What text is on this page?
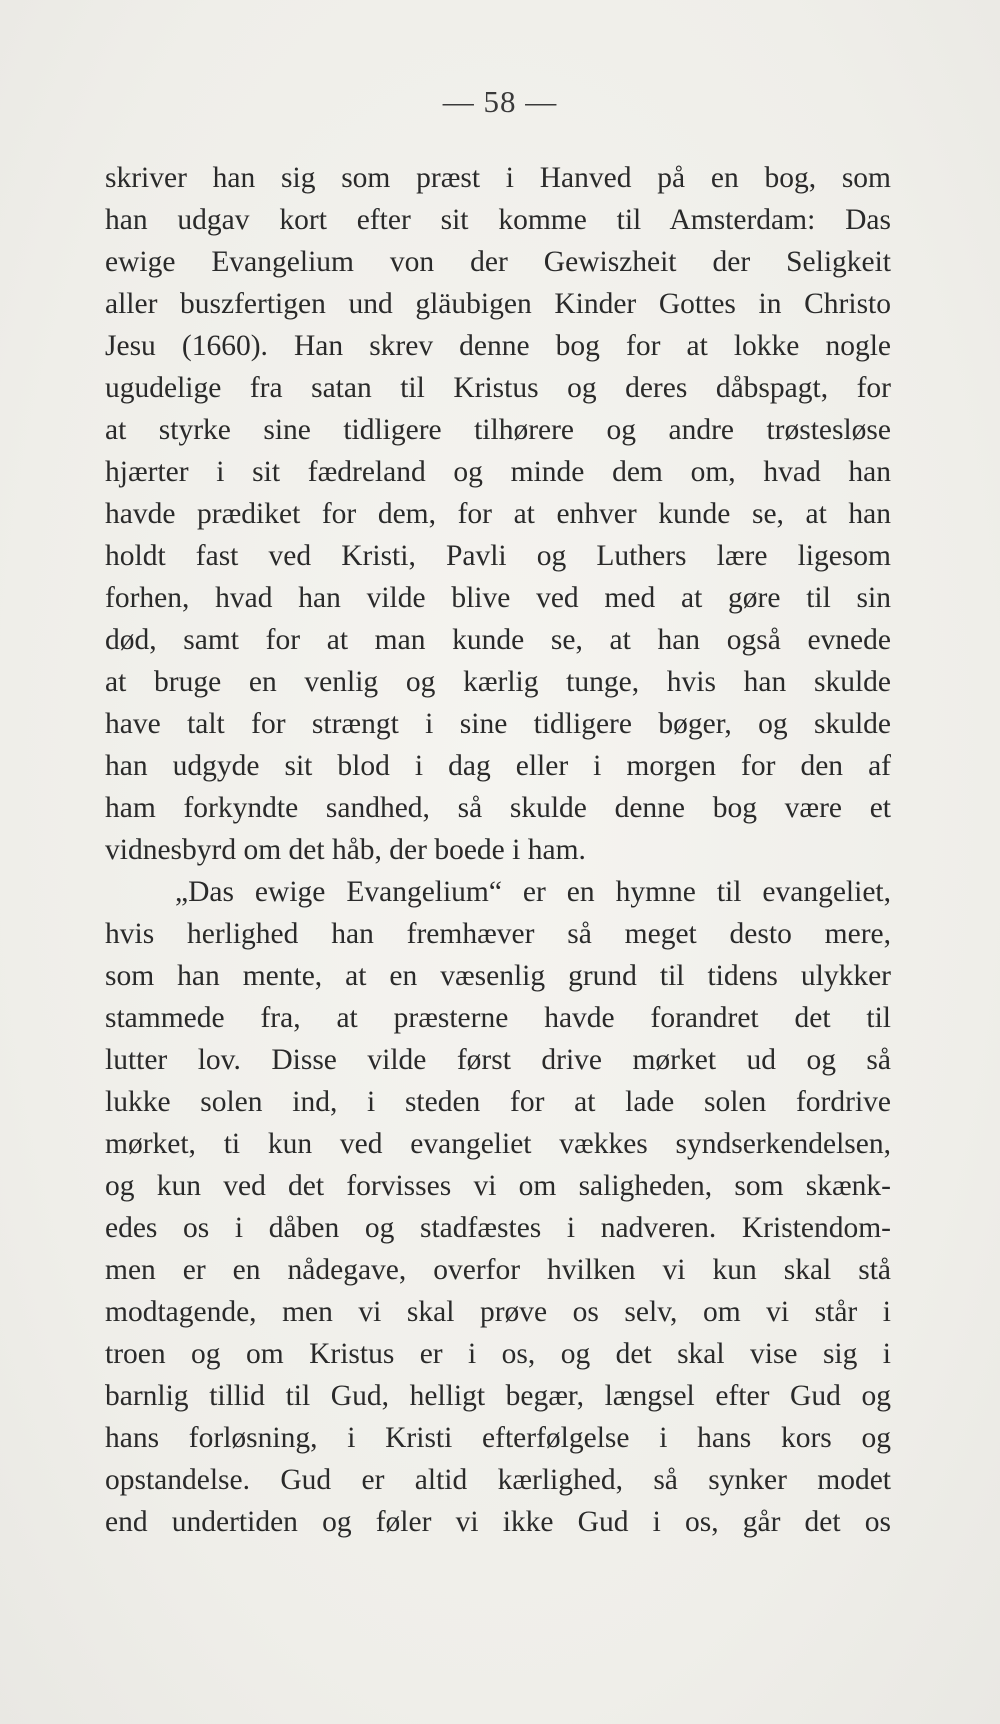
— 58 —
skriver han sig som præst i Hanved på en bog, som
han udgav kort efter sit komme til Amsterdam: Das
ewige Evangelium von der Gewiszheit der Seligkeit
aller buszfertigen und gläubigen Kinder Gottes in Christo
Jesu (1660). Han skrev denne bog for at lokke nogle
ugudelige fra satan til Kristus og deres dåbspagt, for
at styrke sine tidligere tilhørere og andre trøstesløse
hjærter i sit fædreland og minde dem om, hvad han
havde prædiket for dem, for at enhver kunde se, at han
holdt fast ved Kristi, Pavli og Luthers lære ligesom
forhen, hvad han vilde blive ved med at gøre til sin
død, samt for at man kunde se, at han også evnede
at bruge en venlig og kærlig tunge, hvis han skulde
have talt for strængt i sine tidligere bøger, og skulde
han udgyde sit blod i dag eller i morgen for den af
ham forkyndte sandhed, så skulde denne bog være et
vidnesbyrd om det håb, der boede i ham.
„Das ewige Evangelium“ er en hymne til evangeliet,
hvis herlighed han fremhæver så meget desto mere,
som han mente, at en væsenlig grund til tidens ulykker
stammede fra, at præsterne havde forandret det til
lutter lov. Disse vilde først drive mørket ud og så
lukke solen ind, i steden for at lade solen fordrive
mørket, ti kun ved evangeliet vækkes syndserkendelsen,
og kun ved det forvisses vi om saligheden, som skænk-
edes os i dåben og stadfæstes i nadveren. Kristendom-
men er en nådegave, overfor hvilken vi kun skal stå
modtagende, men vi skal prøve os selv, om vi står i
troen og om Kristus er i os, og det skal vise sig i
barnlig tillid til Gud, helligt begær, længsel efter Gud og
hans forløsning, i Kristi efterfølgelse i hans kors og
opstandelse. Gud er altid kærlighed, så synker modet
end undertiden og føler vi ikke Gud i os, går det os
